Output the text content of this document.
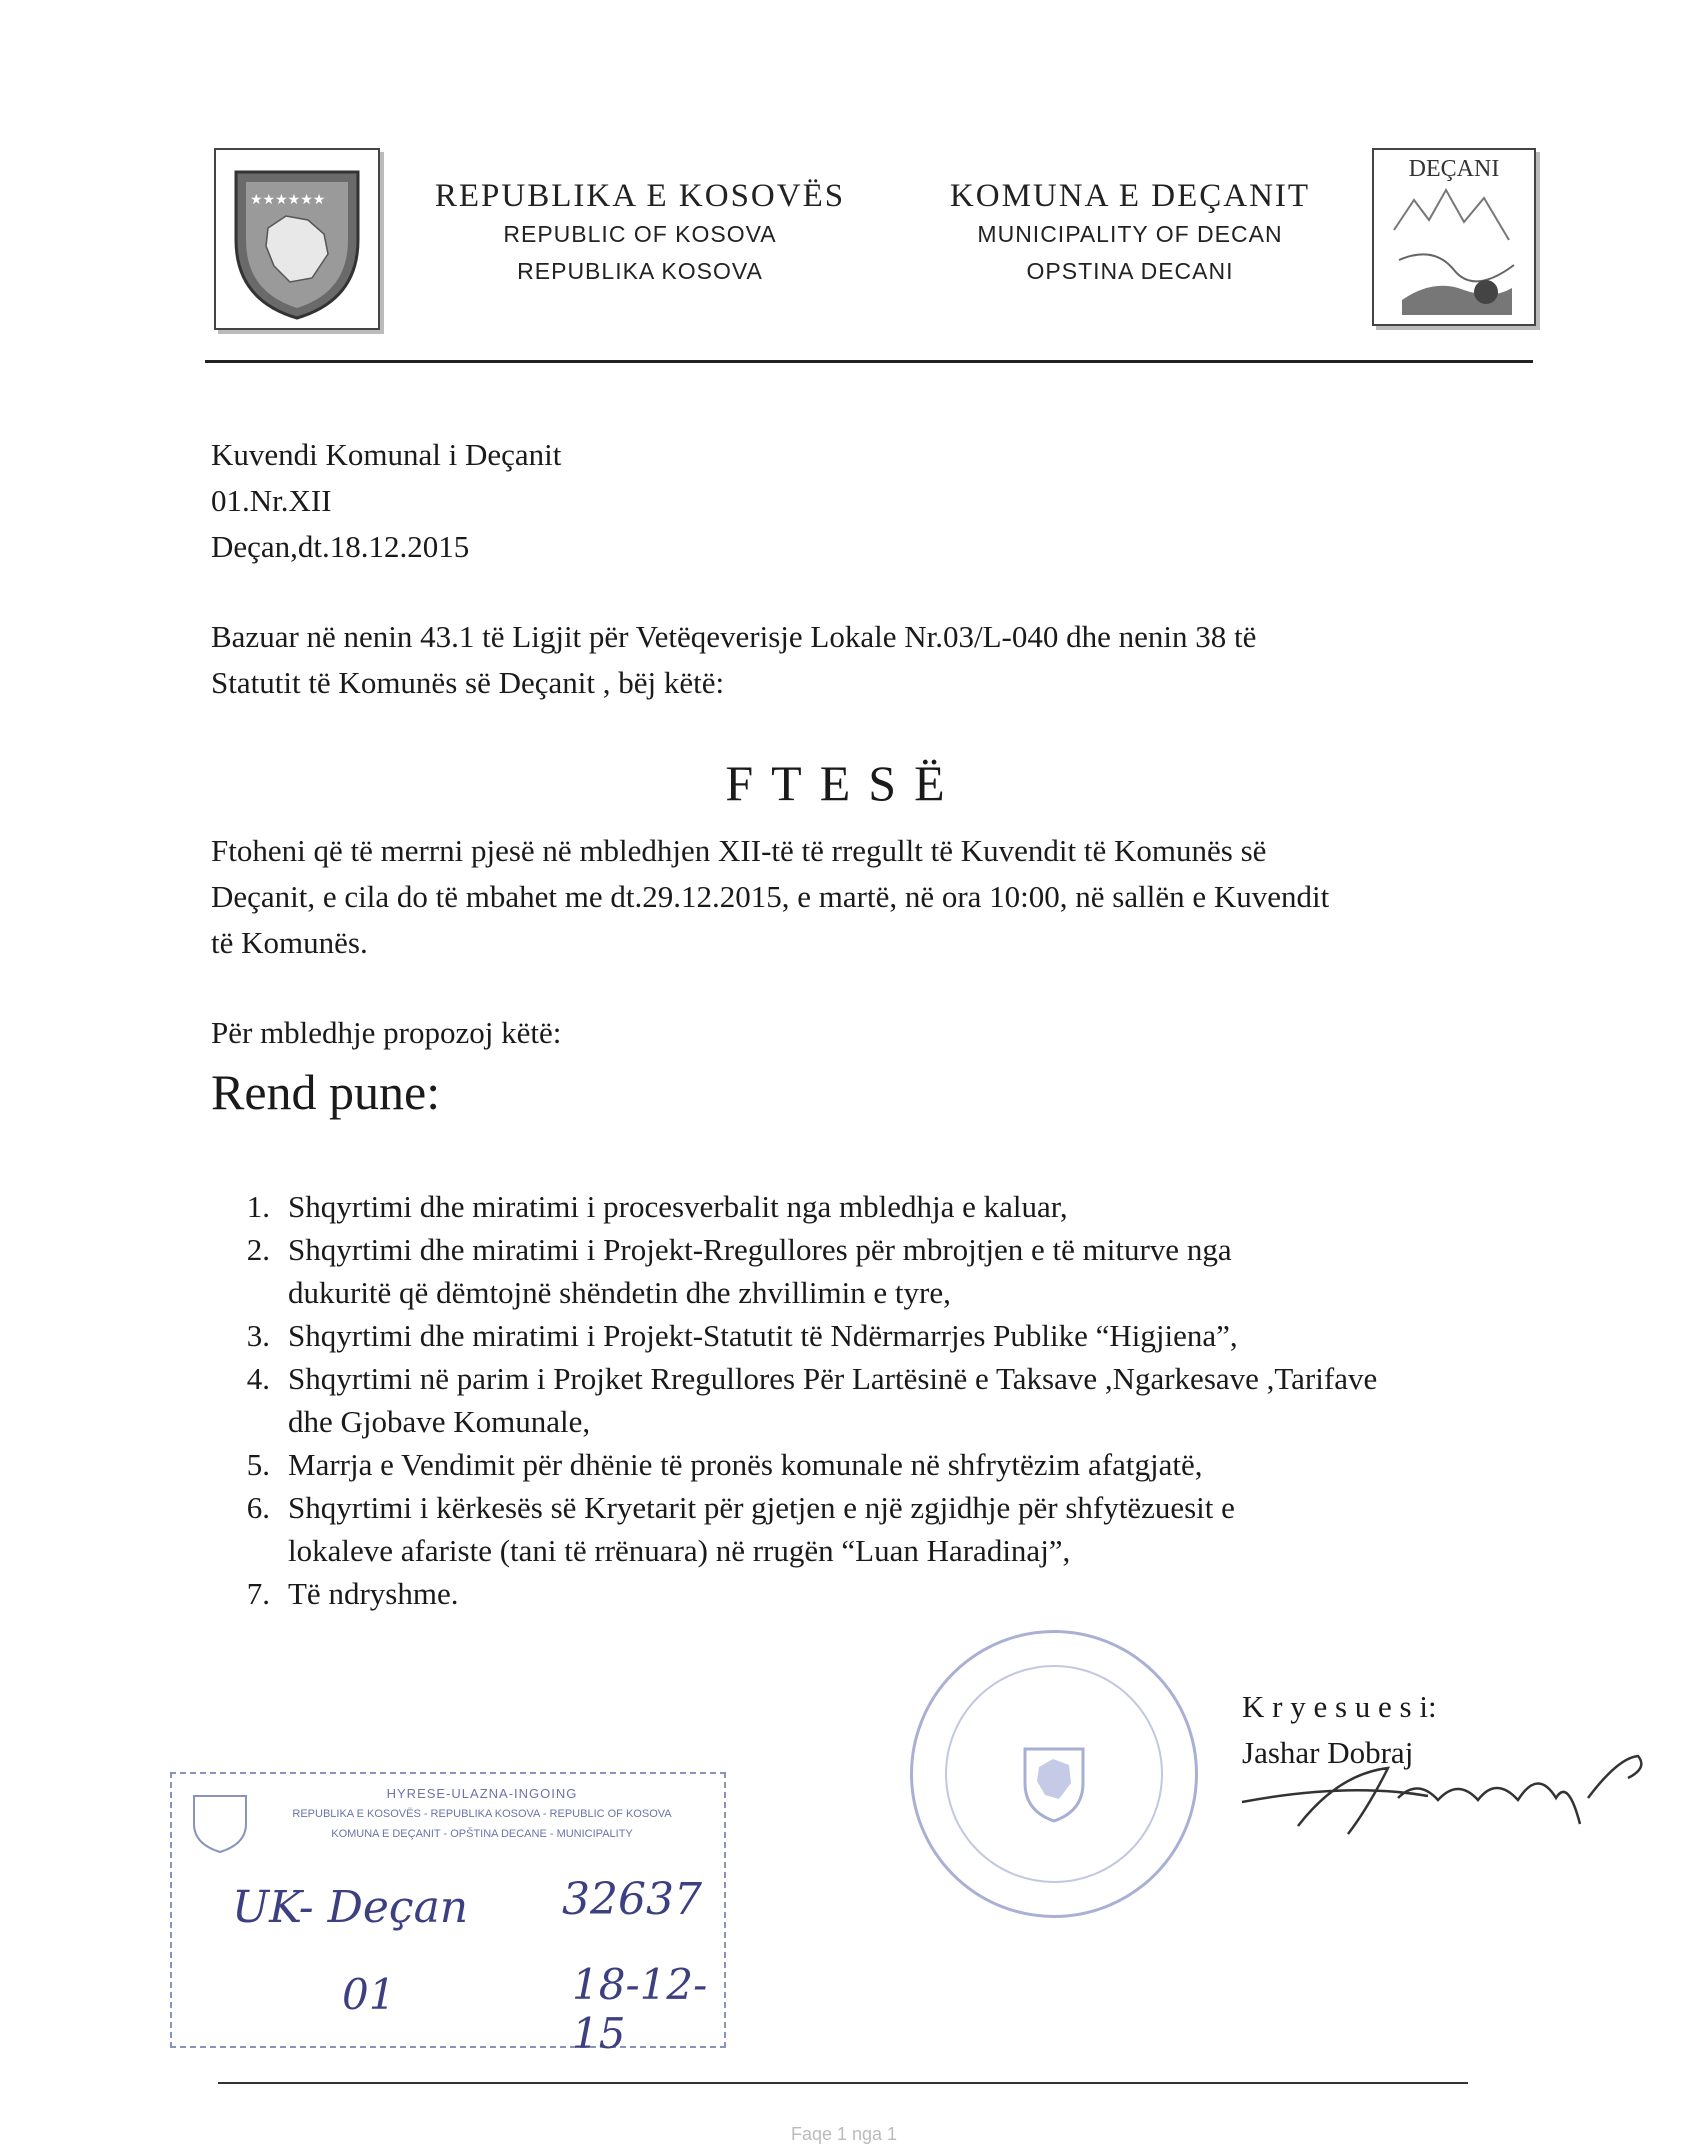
★★★★★★	REPUBLIKA E KOSOVËS
REPUBLIC OF KOSOVA
REPUBLIKA KOSOVA
KOMUNA E DEÇANIT
MUNICIPALITY OF DECAN
OPSTINA DECANI
DEÇANI
Kuvendi Komunal i Deçanit
01.Nr.XII
Deçan,dt.18.12.2015
Bazuar në nenin 43.1 të Ligjit për Vetëqeverisje Lokale Nr.03/L-040 dhe nenin 38 të
Statutit të Komunës së Deçanit , bëj këtë:
FTESË
Ftoheni që të merrni pjesë në mbledhjen XII-të të rregullt të Kuvendit të Komunës së
Deçanit, e cila do të mbahet me dt.29.12.2015, e martë, në ora 10:00, në sallën e Kuvendit
të Komunës.
Për mbledhje propozoj këtë:
Rend pune:
1. Shqyrtimi dhe miratimi i procesverbalit nga mbledhja e kaluar,
2. Shqyrtimi dhe miratimi i Projekt-Rregullores për mbrojtjen e të miturve nga
dukuritë që dëmtojnë shëndetin dhe zhvillimin e tyre,
3. Shqyrtimi dhe miratimi i Projekt-Statutit të Ndërmarrjes Publike “Higjiena”,
4. Shqyrtimi në parim i Projket Rregullores Për Lartësinë e Taksave ,Ngarkesave ,Tarifave
dhe Gjobave Komunale,
5. Marrja e Vendimit për dhënie të pronës komunale në shfrytëzim afatgjatë,
6. Shqyrtimi i kërkesës së Kryetarit për gjetjen e një zgjidhje për shfytëzuesit e
lokaleve afariste (tani të rrënuara) në rrugën “Luan Haradinaj”,
7. Të ndryshme.
K r y e s u e s i:
Jashar Dobraj
HYRESE-ULAZNA-INGOING
REPUBLIKA E KOSOVËS - REPUBLIKA KOSOVA - REPUBLIC OF KOSOVA
KOMUNA E DEÇANIT - OPŠTINA DECANE - MUNICIPALITY
UK- Deçan 32637
01	18-12-15
Faqe 1 nga 1
